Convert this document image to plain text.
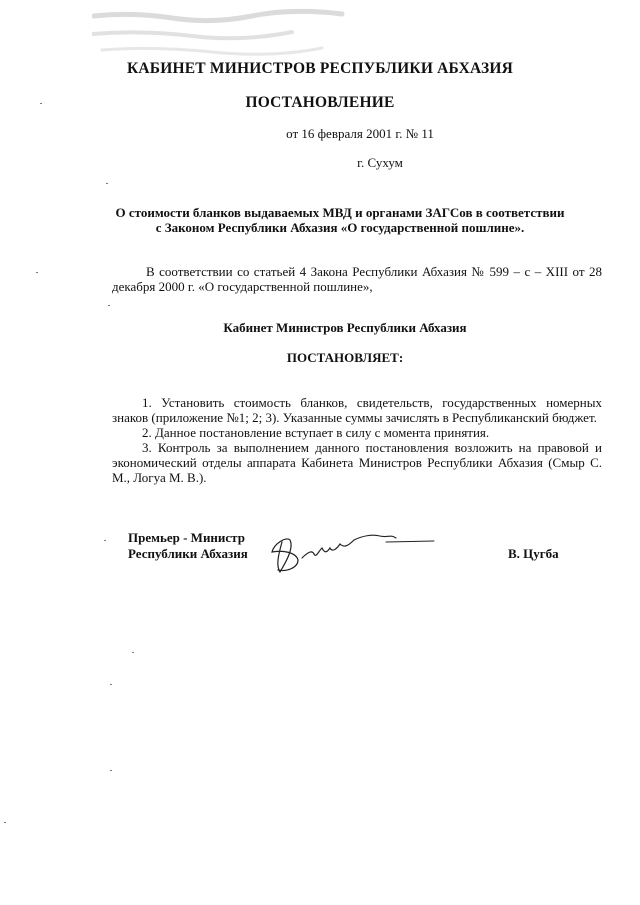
КАБИНЕТ МИНИСТРОВ РЕСПУБЛИКИ АБХАЗИЯ
ПОСТАНОВЛЕНИЕ
от 16 февраля 2001 г. № 11
г. Сухум
О стоимости бланков выдаваемых МВД и органами ЗАГСов в соответствии
с Законом Республики Абхазия «О государственной пошлине».
В соответствии со статьей 4 Закона Республики Абхазия № 599 – с – XIII от 28 декабря 2000 г. «О государственной пошлине»,
Кабинет Министров Республики Абхазия
ПОСТАНОВЛЯЕТ:
1. Установить стоимость бланков, свидетельств, государственных номерных знаков (приложение №1; 2; 3). Указанные суммы зачислять в Республиканский бюджет.
2. Данное постановление вступает в силу с момента принятия.
3. Контроль за выполнением данного постановления возложить на правовой и экономический отделы аппарата Кабинета Министров Республики Абхазия (Смыр С. М., Логуа М. В.).
Премьер - Министр
Республики Абхазия	В. Цугба
